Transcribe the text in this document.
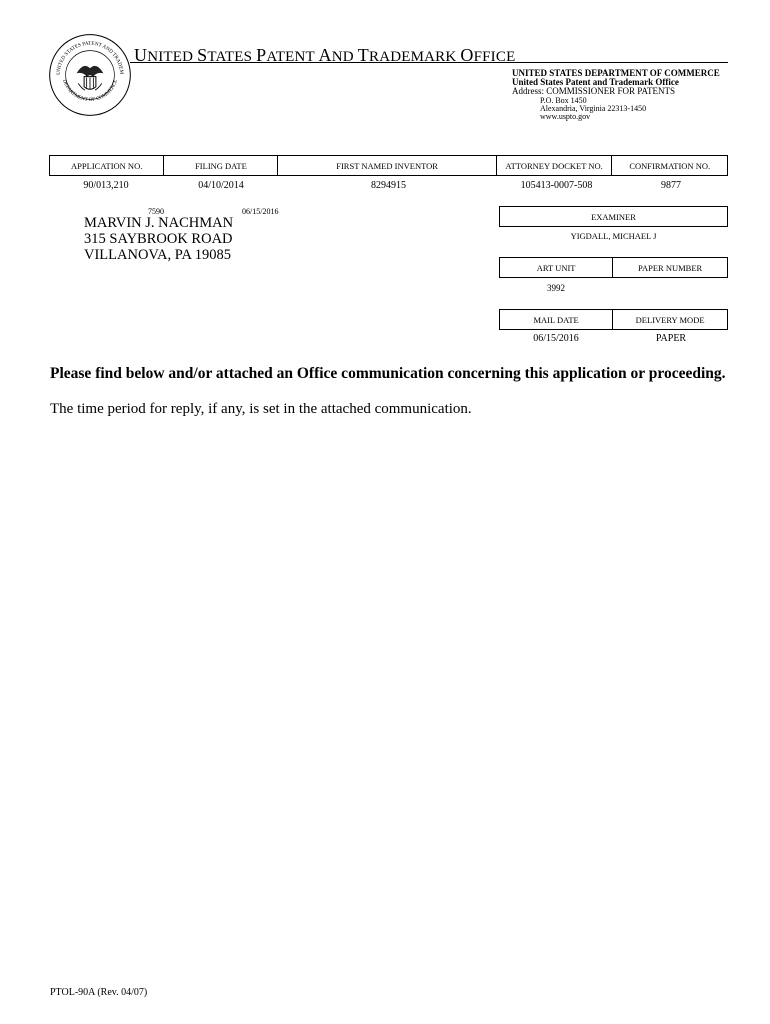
UNITED STATES PATENT AND TRADEM
DEPARTMENT OF COMMERCE
UNITED STATES PATENT AND TRADEMARK OFFICE
UNITED STATES DEPARTMENT OF COMMERCE
United States Patent and Trademark Office
Address: COMMISSIONER FOR PATENTS
P.O. Box 1450
Alexandria, Virginia 22313-1450
www.uspto.gov
APPLICATION NO.	FILING DATE	FIRST NAMED INVENTOR	ATTORNEY DOCKET NO.	CONFIRMATION NO.
90/013,210	04/10/2014	8294915	105413-0007-508	9877
7590	06/15/2016
MARVIN J. NACHMAN
315 SAYBROOK ROAD
VILLANOVA, PA 19085
EXAMINER
YIGDALL, MICHAEL J
ART UNIT	PAPER NUMBER
3992
MAIL DATE	DELIVERY MODE
06/15/2016	PAPER
Please find below and/or attached an Office communication concerning this application or proceeding.
The time period for reply, if any, is set in the attached communication.
PTOL-90A (Rev. 04/07)
